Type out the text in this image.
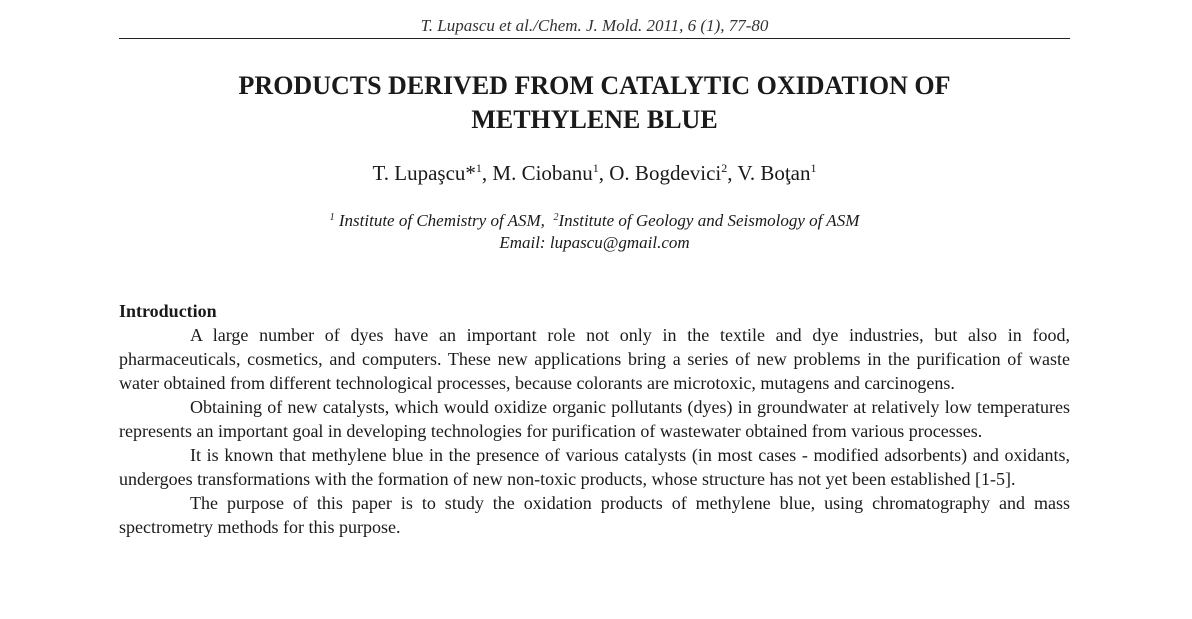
T. Lupascu et al./Chem. J. Mold. 2011, 6 (1), 77-80
PRODUCTS DERIVED FROM CATALYTIC OXIDATION OF
METHYLENE BLUE
T. Lupaşcu*$^1$, M. Ciobanu$^1$, O. Bogdevici$^2$, V. Boţan$^1$
$^1$ Institute of Chemistry of ASM, $^2$Institute of Geology and Seismology of ASM
Email: lupascu@gmail.com
Introduction

A large number of dyes have an important role not only in the textile and dye industries, but also in food, pharmaceuticals, cosmetics, and computers. These new applications bring a series of new problems in the purification of waste water obtained from different technological processes, because colorants are microtoxic, mutagens and carcinogens.

Obtaining of new catalysts, which would oxidize organic pollutants (dyes) in groundwater at relatively low temperatures represents an important goal in developing technologies for purification of wastewater obtained from various processes.

It is known that methylene blue in the presence of various catalysts (in most cases - modified adsorbents) and oxidants, undergoes transformations with the formation of new non-toxic products, whose structure has not yet been established [1-5].

The purpose of this paper is to study the oxidation products of methylene blue, using chromatography and mass spectrometry methods for this purpose.
